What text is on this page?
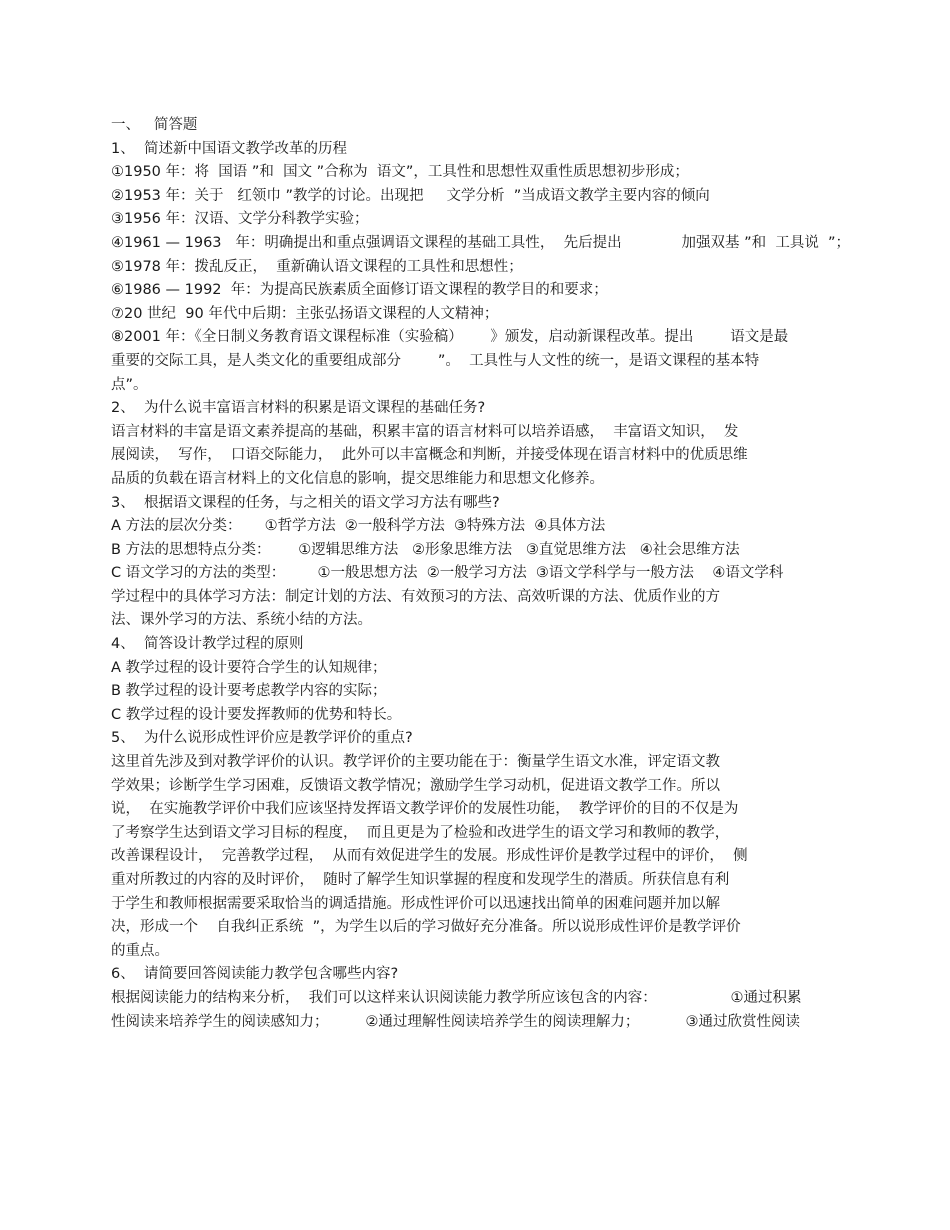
一、   简答题
1、  简述新中国语文教学改革的历程
①1950 年：将  国语 ”和  国文 ”合称为  语文”，工具性和思想性双重性质思想初步形成；
②1953 年：关于   红领巾 ”教学的讨论。出现把     文学分析  ”当成语文教学主要内容的倾向
③1956 年：汉语、文学分科教学实验；
④1961 — 1963   年：明确提出和重点强调语文课程的基础工具性，  先后提出             加强双基 ”和  工具说  ”；
⑤1978 年：拨乱反正，  重新确认语文课程的工具性和思想性；
⑥1986 — 1992  年：为提高民族素质全面修订语文课程的教学目的和要求；
⑦20 世纪  90 年代中后期：主张弘扬语文课程的人文精神；
⑧2001 年：《全日制义务教育语文课程标准（实验稿）      》颁发，启动新课程改革。提出        语文是最
重要的交际工具，是人类文化的重要组成部分        ”。  工具性与人文性的统一，是语文课程的基本特
点”。
2、  为什么说丰富语言材料的积累是语文课程的基础任务?
语言材料的丰富是语文素养提高的基础，积累丰富的语言材料可以培养语感，  丰富语文知识，  发
展阅读，  写作，  口语交际能力，  此外可以丰富概念和判断，并接受体现在语言材料中的优质思维
品质的负载在语言材料上的文化信息的影响，提交思维能力和思想文化修养。
3、  根据语文课程的任务，与之相关的语文学习方法有哪些?
A 方法的层次分类：     ①哲学方法  ②一般科学方法  ③特殊方法  ④具体方法
B 方法的思想特点分类：      ①逻辑思维方法   ②形象思维方法   ③直觉思维方法   ④社会思维方法
C 语文学习的方法的类型：       ①一般思想方法  ②一般学习方法  ③语文学科学与一般方法    ④语文学科
学过程中的具体学习方法：制定计划的方法、有效预习的方法、高效听课的方法、优质作业的方
法、课外学习的方法、系统小结的方法。
4、  简答设计教学过程的原则
A 教学过程的设计要符合学生的认知规律；
B 教学过程的设计要考虑教学内容的实际；
C 教学过程的设计要发挥教师的优势和特长。
5、  为什么说形成性评价应是教学评价的重点?
这里首先涉及到对教学评价的认识。教学评价的主要功能在于：衡量学生语文水准，评定语文教
学效果；诊断学生学习困难，反馈语文教学情况；激励学生学习动机，促进语文教学工作。所以
说，  在实施教学评价中我们应该坚持发挥语文教学评价的发展性功能，  教学评价的目的不仅是为
了考察学生达到语文学习目标的程度，  而且更是为了检验和改进学生的语文学习和教师的教学，
改善课程设计，  完善教学过程，  从而有效促进学生的发展。形成性评价是教学过程中的评价，  侧
重对所教过的内容的及时评价，  随时了解学生知识掌握的程度和发现学生的潜质。所获信息有利
于学生和教师根据需要采取恰当的调适措施。形成性评价可以迅速找出简单的困难问题并加以解
决，形成一个    自我纠正系统  ”，为学生以后的学习做好充分准备。所以说形成性评价是教学评价
的重点。
6、  请简要回答阅读能力教学包含哪些内容?
根据阅读能力的结构来分析，  我们可以这样来认识阅读能力教学所应该包含的内容：                ①通过积累
性阅读来培养学生的阅读感知力；        ②通过理解性阅读培养学生的阅读理解力；          ③通过欣赏性阅读
